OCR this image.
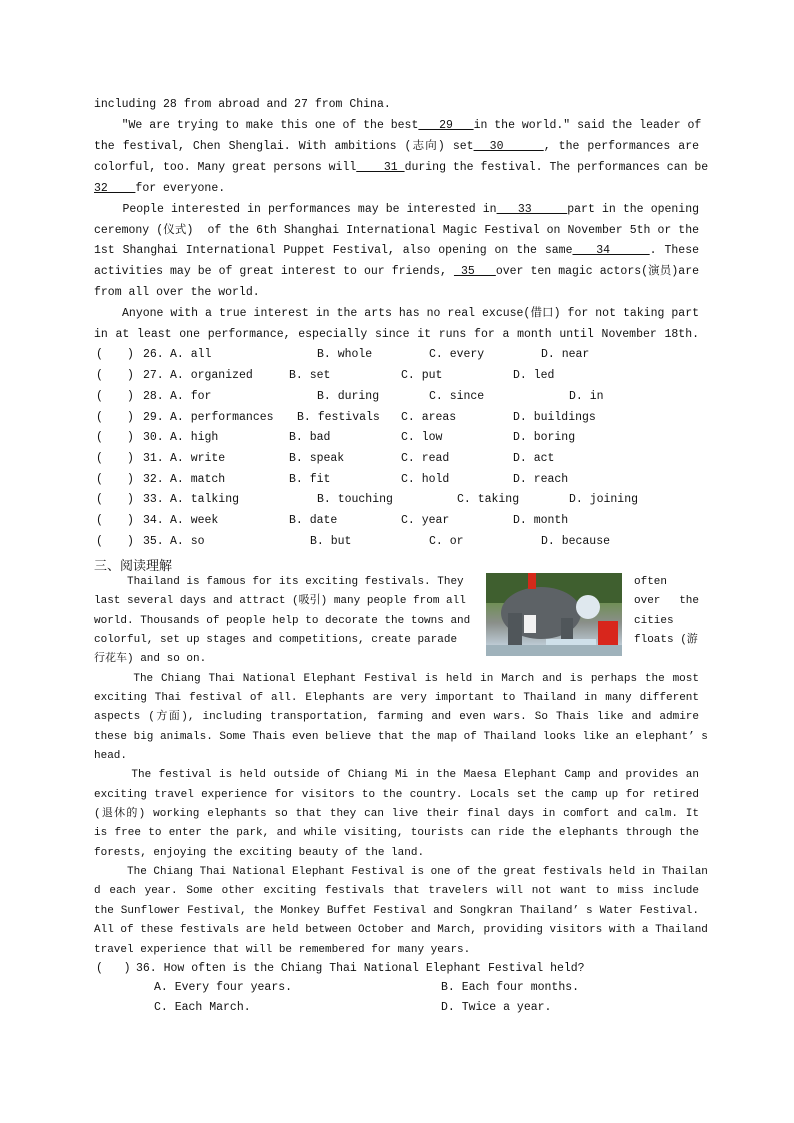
including 28 from abroad and 27 from China.
″We are trying to make this one of the best   29   in the world.″ said the leader of
the festival, Chen Shenglai. With ambitions (志向) set  30     , the performances are
colorful, too. Many great persons will    31 during the festival. The performances can be
32    for everyone.
People interested in performances may be interested in   33     part in the opening
ceremony (仪式)  of the 6th Shanghai International Magic Festival on November 5th or the
1st Shanghai International Puppet Festival, also opening on the same   34     . These
activities may be of great interest to our friends,  35   over ten magic actors(演员)are
from all over the world.
Anyone with a true interest in the arts has no real excuse(借口) for not taking part
in at least one performance, especially since it runs for a month until November 18th.
( ) 26. A. all	B. whole	C. every	D. near
( ) 27. A. organized	B. set	C. put	D. led
( ) 28. A. for	B. during	C. since	D. in
( ) 29. A. performances B. festivals C. areas	D. buildings
( ) 30. A. high	B. bad	C. low	D. boring
( ) 31. A. write	B. speak	C. read	D. act
( ) 32. A. match	B. fit	C. hold	D. reach
( ) 33. A. talking	B. touching	C. taking	D. joining
( ) 34. A. week	B. date	C. year	D. month
( ) 35. A. so	B. but	C. or	D. because
三、阅读理解
Thailand is famous for its exciting festivals. They
last several days and attract (吸引) many people from all
world. Thousands of people help to decorate the towns and
colorful, set up stages and competitions, create parade
行花车) and so on.
The Chiang Thai National Elephant Festival is held in March and is perhaps the most
exciting Thai festival of all. Elephants are very important to Thailand in many different
aspects (方面), including transportation, farming and even wars. So Thais like and admire
these big animals. Some Thais even believe that the map of Thailand looks like an elephant’ s
head.
The festival is held outside of Chiang Mi in the Maesa Elephant Camp and provides an
exciting travel experience for visitors to the country. Locals set the camp up for retired
(退休的) working elephants so that they can live their final days in comfort and calm. It
is free to enter the park, and while visiting, tourists can ride the elephants through the
forests, enjoying the exciting beauty of the land.
The Chiang Thai National Elephant Festival is one of the great festivals held in Thailan
d each year. Some other exciting festivals that travelers will not want to miss include
the Sunflower Festival, the Monkey Buffet Festival and Songkran Thailand’ s Water Festival.
All of these festivals are held between October and March, providing visitors with a Thailand
travel experience that will be remembered for many years.
often
over the
cities
floats (游
(   ) 36. How often is the Chiang Thai National Elephant Festival held?
A. Every four years.	B. Each four months.
C. Each March.	D. Twice a year.
